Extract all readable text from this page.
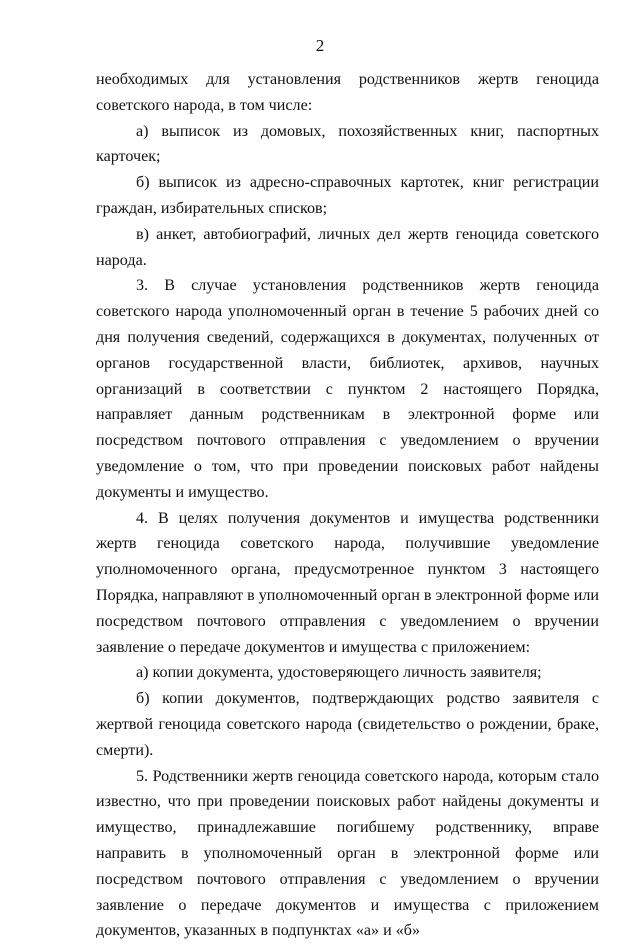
2

необходимых для установления родственников жертв геноцида советского народа, в том числе:

а) выписок из домовых, похозяйственных книг, паспортных карточек;

б) выписок из адресно-справочных картотек, книг регистрации граждан, избирательных списков;

в) анкет, автобиографий, личных дел жертв геноцида советского народа.

3. В случае установления родственников жертв геноцида советского народа уполномоченный орган в течение 5 рабочих дней со дня получения сведений, содержащихся в документах, полученных от органов государственной власти, библиотек, архивов, научных организаций в соответствии с пунктом 2 настоящего Порядка, направляет данным родственникам в электронной форме или посредством почтового отправления с уведомлением о вручении уведомление о том, что при проведении поисковых работ найдены документы и имущество.

4. В целях получения документов и имущества родственники жертв геноцида советского народа, получившие уведомление уполномоченного органа, предусмотренное пунктом 3 настоящего Порядка, направляют в уполномоченный орган в электронной форме или посредством почтового отправления с уведомлением о вручении заявление о передаче документов и имущества с приложением:

а) копии документа, удостоверяющего личность заявителя;

б) копии документов, подтверждающих родство заявителя с жертвой геноцида советского народа (свидетельство о рождении, браке, смерти).

5. Родственники жертв геноцида советского народа, которым стало известно, что при проведении поисковых работ найдены документы и имущество, принадлежавшие погибшему родственнику, вправе направить в уполномоченный орган в электронной форме или посредством почтового отправления с уведомлением о вручении заявление о передаче документов и имущества с приложением документов, указанных в подпунктах «а» и «б»
